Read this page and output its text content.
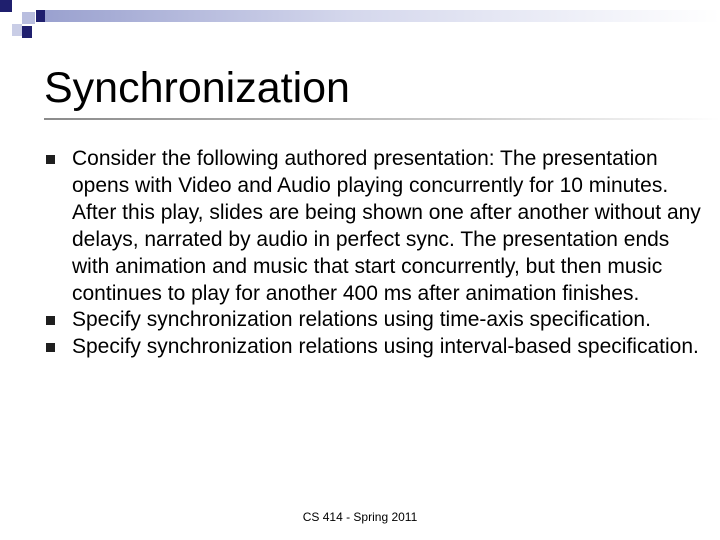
Synchronization
Consider the following authored presentation: The presentation opens with Video and Audio playing concurrently for 10 minutes. After this play, slides are being shown one after another without any delays, narrated by audio in perfect sync. The presentation ends with animation and music that start concurrently, but then music continues to play for another 400 ms after animation finishes.
Specify synchronization relations using time-axis specification.
Specify synchronization relations using interval-based specification.
CS 414 - Spring 2011
